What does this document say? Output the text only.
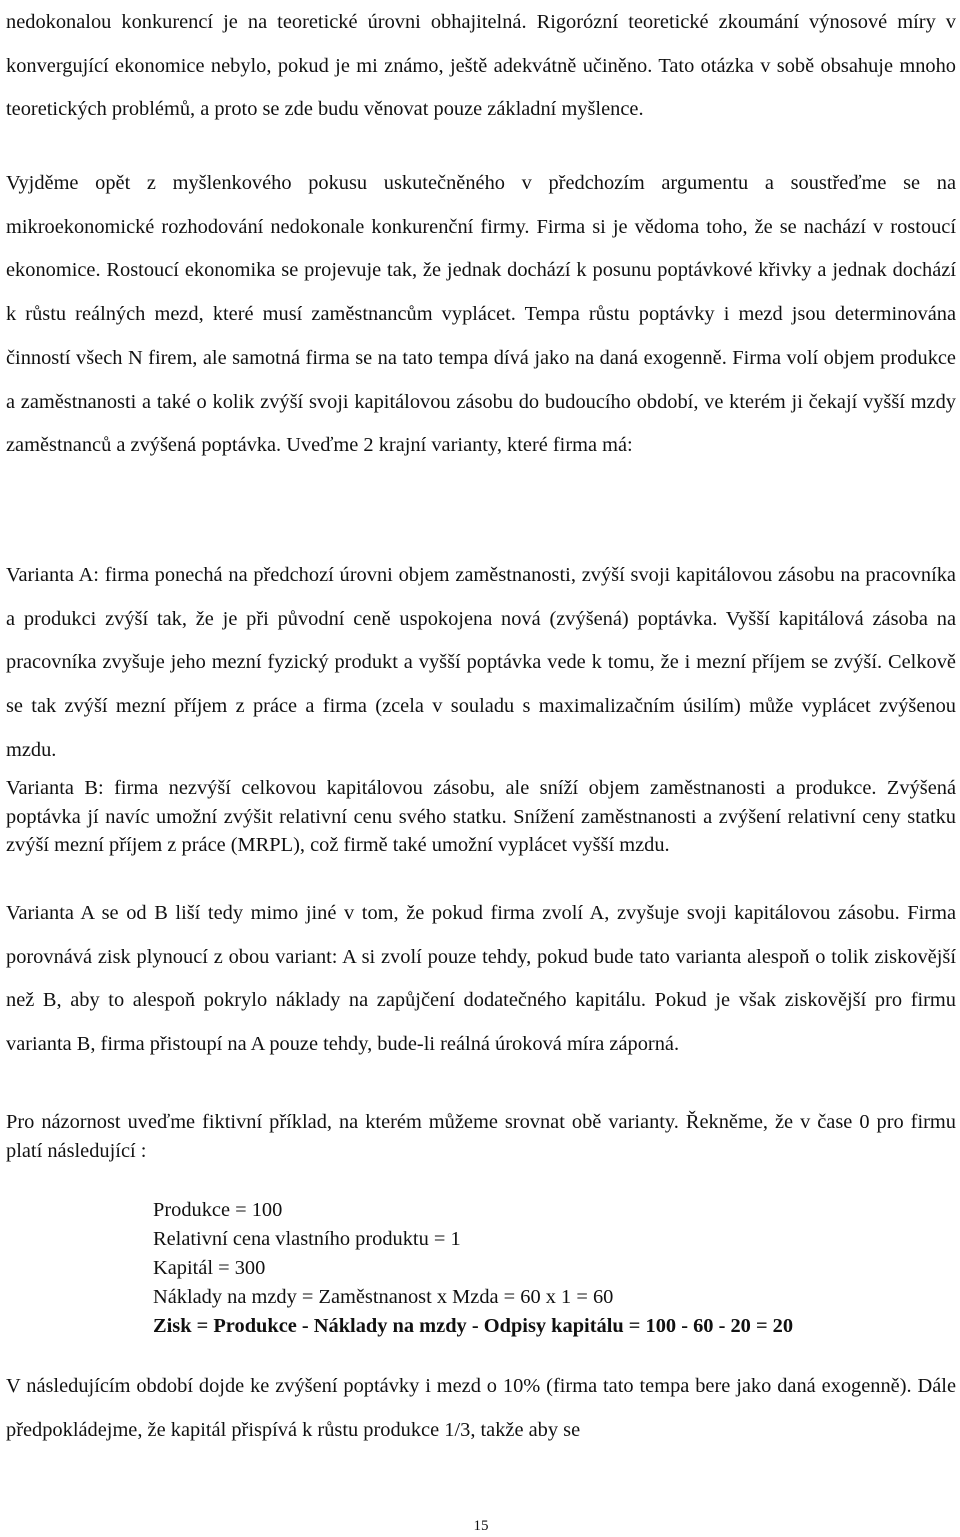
nedokonalou konkurencí je na teoretické úrovni obhajitelná. Rigorózní teoretické zkoumání výnosové míry v konvergující ekonomice nebylo, pokud je mi známo, ještě adekvátně učiněno. Tato otázka v sobě obsahuje mnoho teoretických problémů, a proto se zde budu věnovat pouze základní myšlence.

Vyjděme opět z myšlenkového pokusu uskutečněného v předchozím argumentu a soustřeďme se na mikroekonomické rozhodování nedokonale konkurenční firmy. Firma si je vědoma toho, že se nachází v rostoucí ekonomice. Rostoucí ekonomika se projevuje tak, že jednak dochází k posunu poptávkové křivky a jednak dochází k růstu reálných mezd, které musí zaměstnancům vyplácet. Tempa růstu poptávky i mezd jsou determinována činností všech N firem, ale samotná firma se na tato tempa dívá jako na daná exogenně. Firma volí objem produkce a zaměstnanosti a také o kolik zvýší svoji kapitálovou zásobu do budoucího období, ve kterém ji čekají vyšší mzdy zaměstnanců a zvýšená poptávka. Uveďme 2 krajní varianty, které firma má:

Varianta A: firma ponechá na předchozí úrovni objem zaměstnanosti, zvýší svoji kapitálovou zásobu na pracovníka a produkci zvýší tak, že je při původní ceně uspokojena nová (zvýšená) poptávka. Vyšší kapitálová zásoba na pracovníka zvyšuje jeho mezní fyzický produkt a vyšší poptávka vede k tomu, že i mezní příjem se zvýší. Celkově se tak zvýší mezní příjem z práce a firma (zcela v souladu s maximalizačním úsilím) může vyplácet zvýšenou mzdu.

Varianta B: firma nezvýší celkovou kapitálovou zásobu, ale sníží objem zaměstnanosti a produkce. Zvýšená poptávka jí navíc umožní zvýšit relativní cenu svého statku. Snížení zaměstnanosti a zvýšení relativní ceny statku zvýší mezní příjem z práce (MRPL), což firmě také umožní vyplácet vyšší mzdu.

Varianta A se od B liší tedy mimo jiné v tom, že pokud firma zvolí A, zvyšuje svoji kapitálovou zásobu. Firma porovnává zisk plynoucí z obou variant: A si zvolí pouze tehdy, pokud bude tato varianta alespoň o tolik ziskovější než B, aby to alespoň pokrylo náklady na zapůjčení dodatečného kapitálu. Pokud je však ziskovější pro firmu varianta B, firma přistoupí na A pouze tehdy, bude-li reálná úroková míra záporná.

Pro názornost uveďme fiktivní příklad, na kterém můžeme srovnat obě varianty. Řekněme, že v čase 0 pro firmu platí následující :

Produkce = 100
Relativní cena vlastního produktu = 1
Kapitál = 300
Náklady na mzdy = Zaměstnanost x Mzda = 60 x 1 = 60
Zisk = Produkce - Náklady na mzdy - Odpisy kapitálu = 100 - 60 - 20 = 20

V následujícím období dojde ke zvýšení poptávky i mezd o 10% (firma tato tempa bere jako daná exogenně). Dále předpokládejme, že kapitál přispívá k růstu produkce 1/3, takže aby se

15
